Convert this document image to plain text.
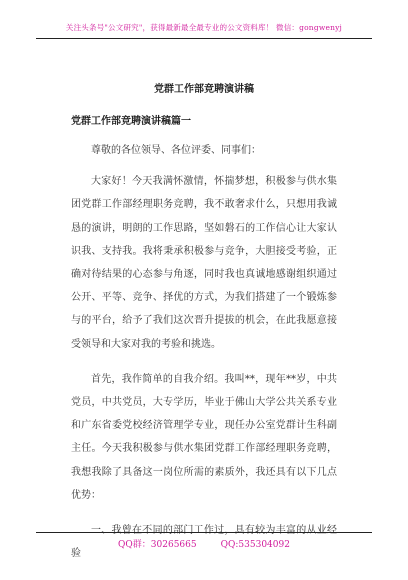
关注头条号"公文研究"，获得最新最全最专业的公文资料库！ 微信：gongwenyj
党群工作部竞聘演讲稿
党群工作部竞聘演讲稿篇一

尊敬的各位领导、各位评委、同事们：

大家好！今天我满怀激情，怀揣梦想，积极参与供水集团党群工作部经理职务竞聘，我不敢奢求什么，只想用我诚恳的演讲，明朗的工作思路，坚如磐石的工作信心让大家认识我、支持我。我将秉承积极参与竞争，大胆接受考验，正确对待结果的心态参与角逐，同时我也真诚地感谢组织通过公开、平等、竞争、择优的方式，为我们搭建了一个锻炼参与的平台，给予了我们这次晋升提拔的机会，在此我愿意接受领导和大家对我的考验和挑选。

首先，我作简单的自我介绍。我叫**，现年**岁，中共党员，中共党员，大专学历，毕业于佛山大学公共关系专业和广东省委党校经济管理学专业，现任办公室党群计生科副主任。今天我积极参与供水集团党群工作部经理职务竞聘，我想我除了具备这一岗位所需的素质外，我还具有以下几点优势：

一、我曾在不同的部门工作过，具有较为丰富的从业经验

QQ群：30265665	QQ:535304092
